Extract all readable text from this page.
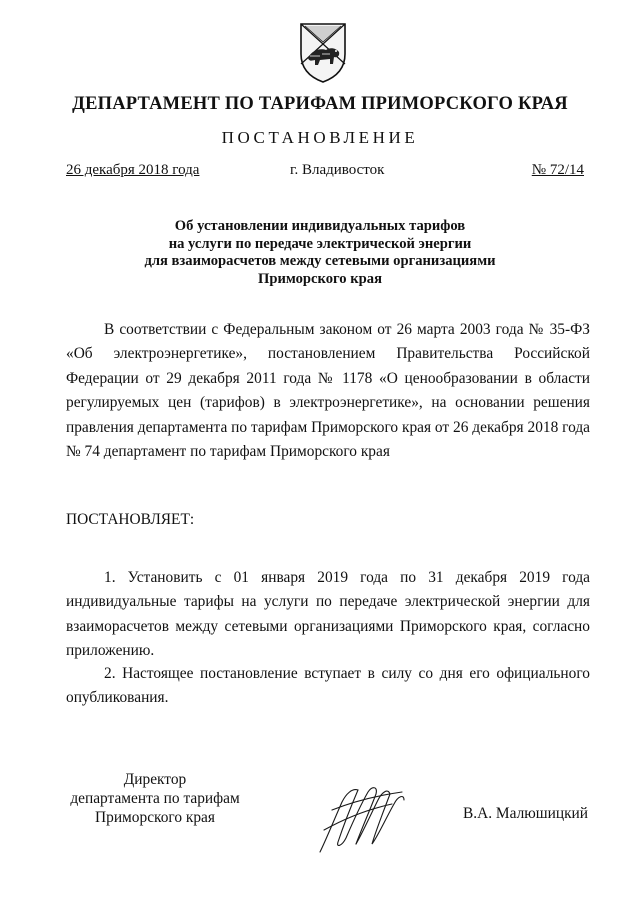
ДЕПАРТАМЕНТ ПО ТАРИФАМ ПРИМОРСКОГО КРАЯ
ПОСТАНОВЛЕНИЕ
26 декабря 2018 года	г. Владивосток	№ 72/14
Об установлении индивидуальных тарифов
на услуги по передаче электрической энергии
для взаиморасчетов между сетевыми организациями
Приморского края
В соответствии с Федеральным законом от 26 марта 2003 года № 35-ФЗ
«Об электроэнергетике», постановлением Правительства Российской
Федерации от 29 декабря 2011 года № 1178 «О ценообразовании в области
регулируемых цен (тарифов) в электроэнергетике», на основании решения
правления департамента по тарифам Приморского края от 26 декабря 2018 года
№ 74 департамент по тарифам Приморского края
ПОСТАНОВЛЯЕТ:
1. Установить с 01 января 2019 года по 31 декабря 2019 года
индивидуальные тарифы на услуги по передаче электрической энергии для
взаиморасчетов между сетевыми организациями Приморского края, согласно
приложению.
2. Настоящее постановление вступает в силу со дня его официального
опубликования.
Директор
департамента по тарифам
Приморского края	В.А. Малюшицкий
